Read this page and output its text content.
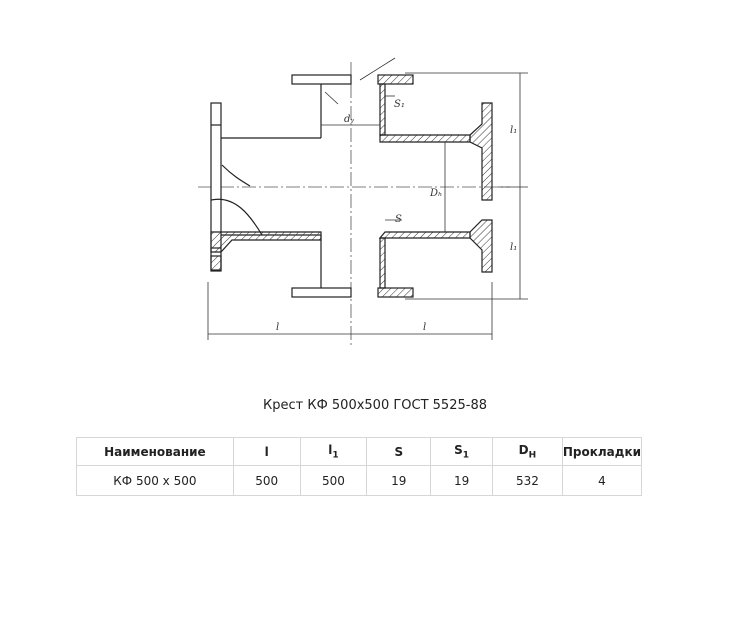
dᵧ
S₁
S
Dₕ
l₁
l₁
l	l
Крест КФ 500х500 ГОСТ 5525-88
Наименование	l	$l_1$	S	$S_1$	$D_H$	Прокладки
КФ 500 х 500	500	500	19	19	532	4
